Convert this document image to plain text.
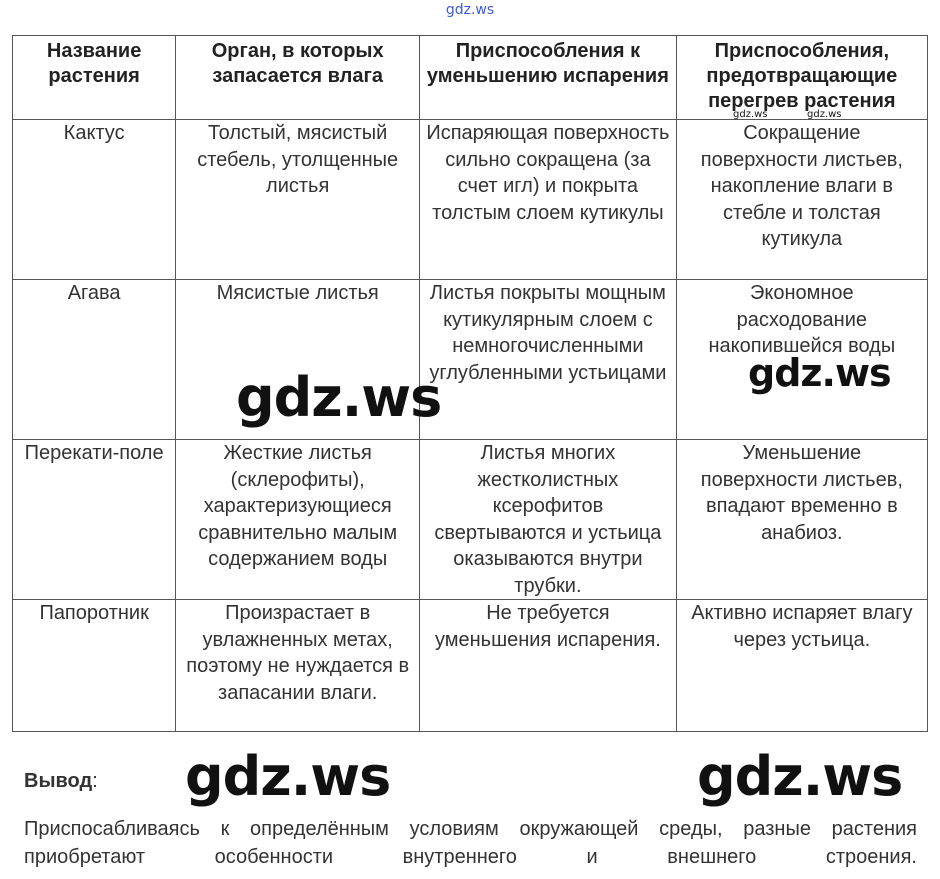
gdz.ws
Название растения	Орган, в которых запасается влага	Приспособления к уменьшению испарения	Приспособления, предотвращающие перегрев растения
Кактус	Толстый, мясистый стебель, утолщенные листья	Испаряющая поверхность сильно сокращена (за счет игл) и покрыта толстым слоем кутикулы	Сокращение поверхности листьев, накопление влаги в стебле и толстая кутикула
Агава	Мясистые листья	Листья покрыты мощным кутикулярным слоем с немногочисленными углубленными устьицами	Экономное расходование накопившейся воды
Перекати-поле	Жесткие листья (склерофиты), характеризующиеся сравнительно малым содержанием воды	Листья многих жестколистных ксерофитов свертываются и устьица оказываются внутри трубки.	Уменьшение поверхности листьев, впадают временно в анабиоз.
Папоротник	Произрастает в увлажненных метах, поэтому не нуждается в запасании влаги.	Не требуется уменьшения испарения.	Активно испаряет влагу через устьица.
gdz.ws	gdz.ws
gdz.ws	gdz.ws
gdz.ws	gdz.ws
Вывод:
Приспосабливаясь к определённым условиям окружающей среды, разные растения приобретают особенности внутреннего и внешнего строения.
